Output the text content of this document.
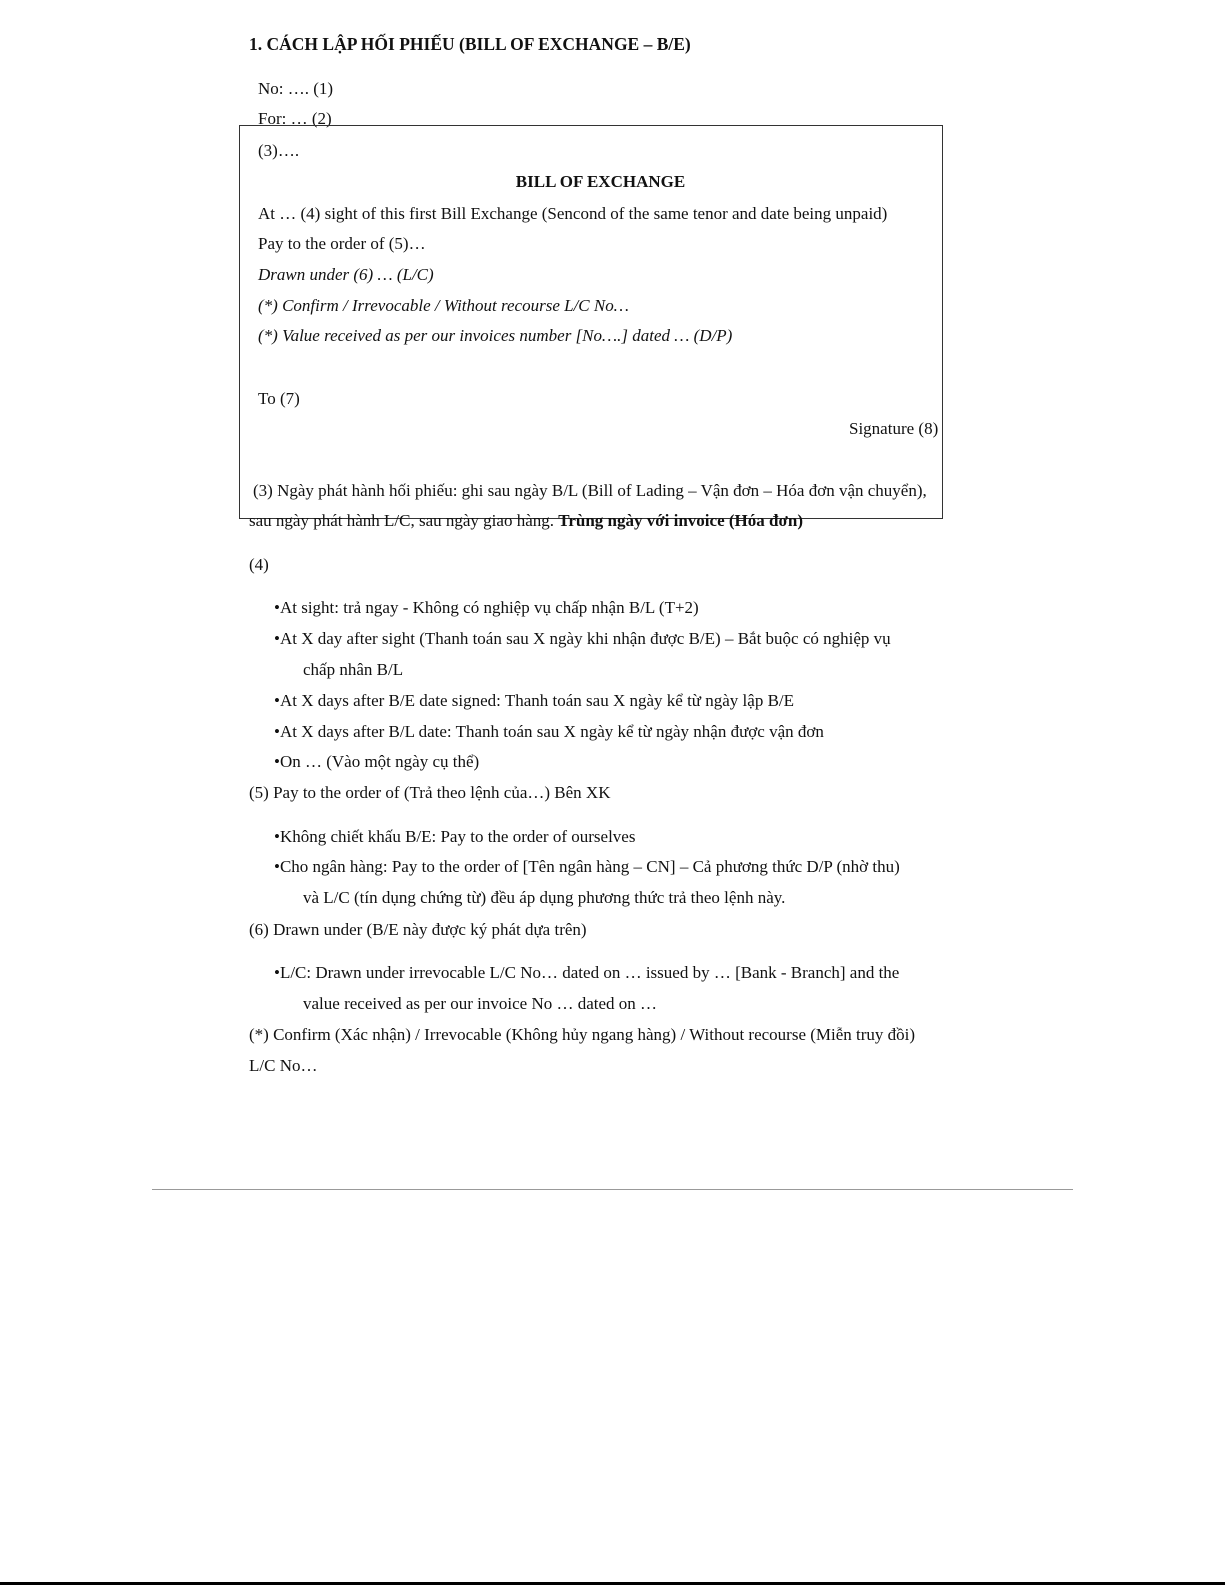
1. CÁCH LẬP HỐI PHIẾU (BILL OF EXCHANGE – B/E)
No: …. (1)
For: … (2)
(3)….
BILL OF EXCHANGE
At … (4) sight of this first Bill Exchange (Sencond of the same tenor and date being unpaid)
Pay to the order of (5)…
Drawn under (6) … (L/C)
(*) Confirm / Irrevocable / Without recourse L/C No…
(*) Value received as per our invoices number [No….] dated … (D/P)
To (7)
Signature (8)
(3) Ngày phát hành hối phiếu: ghi sau ngày B/L (Bill of Lading – Vận đơn – Hóa đơn vận chuyển),
sau ngày phát hành L/C, sau ngày giao hàng. Trùng ngày với invoice (Hóa đơn)
(4)
•At sight: trả ngay - Không có nghiệp vụ chấp nhận B/L (T+2)
•At X day after sight (Thanh toán sau X ngày khi nhận được B/E) – Bắt buộc có nghiệp vụ
chấp nhân B/L
•At X days after B/E date signed: Thanh toán sau X ngày kể từ ngày lập B/E
•At X days after B/L date: Thanh toán sau X ngày kể từ ngày nhận được vận đơn
•On … (Vào một ngày cụ thể)
(5) Pay to the order of (Trả theo lệnh của…) Bên XK
•Không chiết khấu B/E: Pay to the order of ourselves
•Cho ngân hàng: Pay to the order of [Tên ngân hàng – CN] – Cả phương thức D/P (nhờ thu)
và L/C (tín dụng chứng từ) đều áp dụng phương thức trả theo lệnh này.
(6) Drawn under (B/E này được ký phát dựa trên)
•L/C: Drawn under irrevocable L/C No… dated on … issued by … [Bank - Branch] and the
value received as per our invoice No … dated on …
(*) Confirm (Xác nhận) / Irrevocable (Không hủy ngang hàng) / Without recourse (Miễn truy đồi)
L/C No…
